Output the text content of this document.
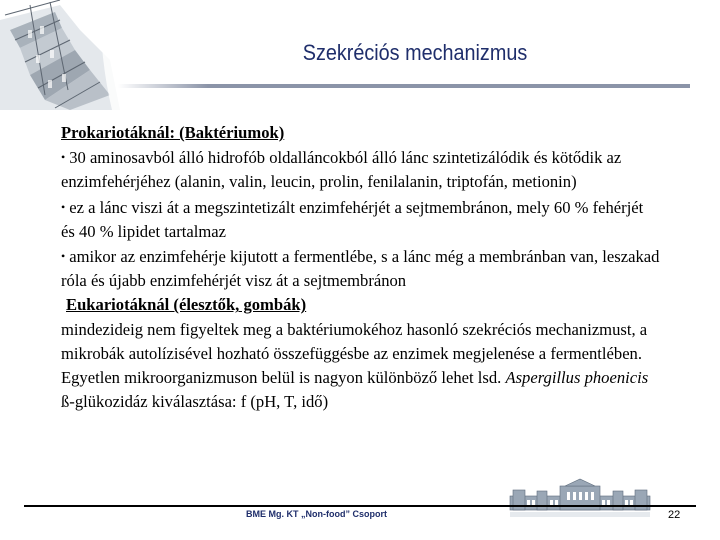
Szekréciós mechanizmus

Prokariotáknál: (Baktériumok)

• 30 aminosavból álló hidrofób oldalláncokból álló lánc szintetizálódik és kötődik az enzimfehérjéhez (alanin, valin, leucin, prolin, fenilalanin, triptofán, metionin)

• ez a lánc viszi át a megszintetizált enzimfehérjét a sejtmembránon, mely 60 % fehérjét és 40 % lipidet tartalmaz

• amikor az enzimfehérje kijutott a fermentlébe, s a lánc még a membránban van, leszakad róla és újabb enzimfehérjét visz át a sejtmembránon

Eukariotáknál (élesztők, gombák)

mindezideig nem figyeltek meg a baktériumokéhoz hasonló szekréciós mechanizmust, a mikrobák autolízisével hozható összefüggésbe az enzimek megjelenése a fermentlében. Egyetlen mikroorganizmuson belül is nagyon különböző lehet lsd. Aspergillus phoenicis ß-glükozidáz kiválasztása: f (pH, T, idő)

BME Mg. KT „Non-food” Csoport	22
